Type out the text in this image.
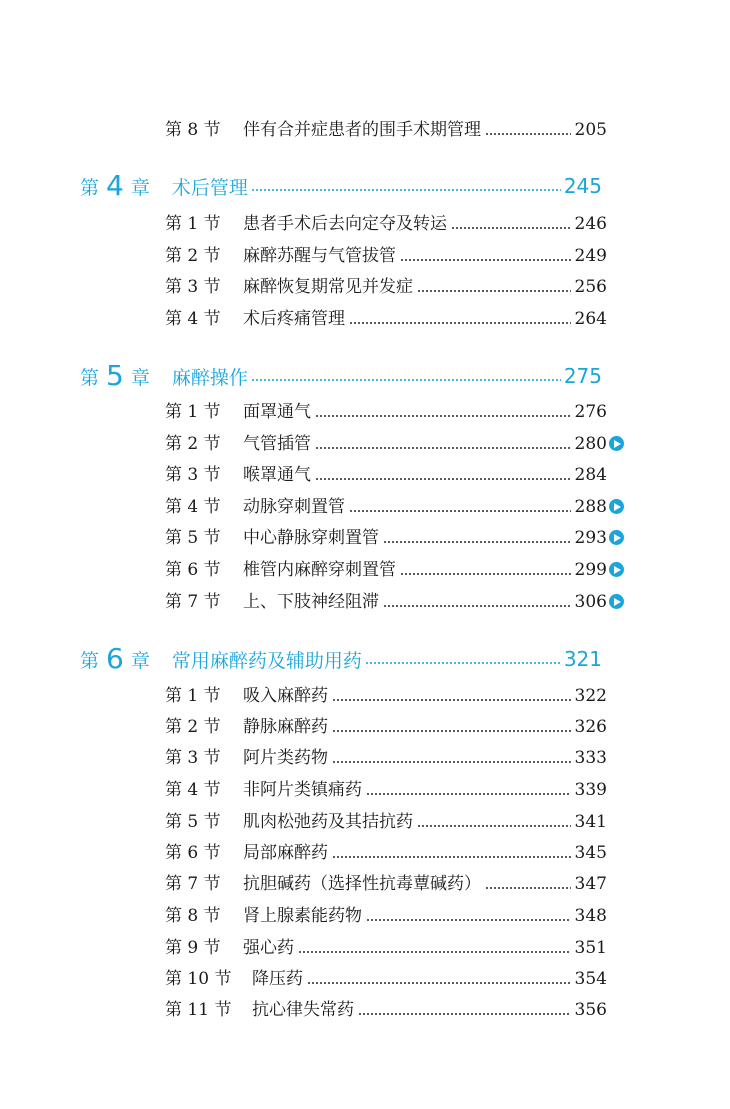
第 8 节	伴有合并症患者的围手术期管理	205
第 4 章 术后管理	245
第 1 节	患者手术后去向定夺及转运	246
第 2 节	麻醉苏醒与气管拔管	249
第 3 节	麻醉恢复期常见并发症	256
第 4 节	术后疼痛管理	264
第 5 章 麻醉操作	275
第 1 节	面罩通气	276
第 2 节	气管插管	280
第 3 节	喉罩通气	284
第 4 节	动脉穿刺置管	288
第 5 节	中心静脉穿刺置管	293
第 6 节	椎管内麻醉穿刺置管	299
第 7 节	上、下肢神经阻滞	306
第 6 章 常用麻醉药及辅助用药	321
第 1 节	吸入麻醉药	322
第 2 节	静脉麻醉药	326
第 3 节	阿片类药物	333
第 4 节	非阿片类镇痛药	339
第 5 节	肌肉松弛药及其拮抗药	341
第 6 节	局部麻醉药	345
第 7 节	抗胆碱药（选择性抗毒蕈碱药）	347
第 8 节	肾上腺素能药物	348
第 9 节	强心药	351
第 10 节	降压药	354
第 11 节	抗心律失常药	356
